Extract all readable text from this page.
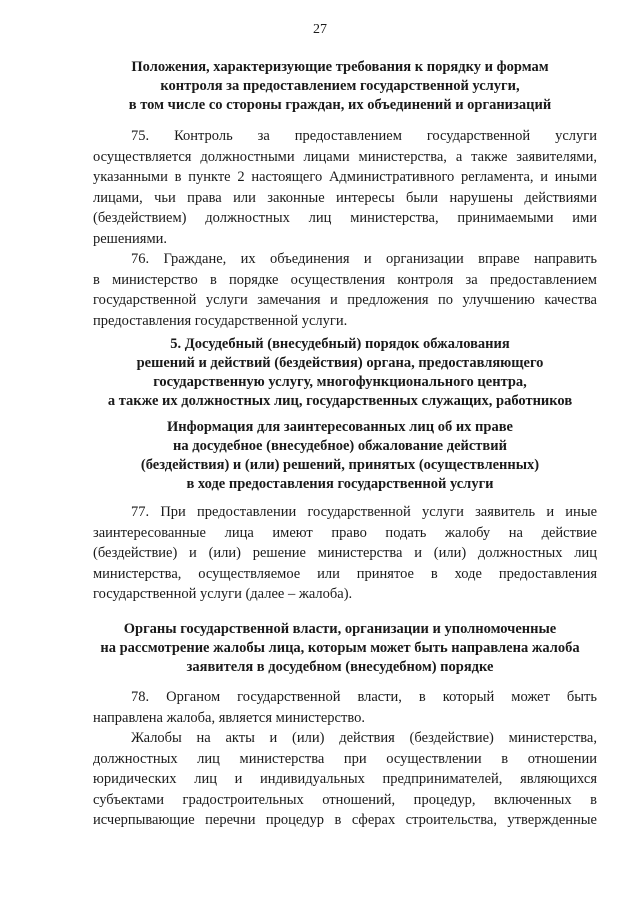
27
Положения, характеризующие требования к порядку и формам
контроля за предоставлением государственной услуги,
в том числе со стороны граждан, их объединений и организаций
75. Контроль за предоставлением государственной услуги
осуществляется должностными лицами министерства, а также заявителями,
указанными в пункте 2 настоящего Административного регламента, и иными
лицами, чьи права или законные интересы были нарушены действиями
(бездействием) должностных лиц министерства, принимаемыми ими
решениями.
76. Граждане, их объединения и организации вправе направить
в министерство в порядке осуществления контроля за предоставлением
государственной услуги замечания и предложения по улучшению качества
предоставления государственной услуги.
5. Досудебный (внесудебный) порядок обжалования
решений и действий (бездействия) органа, предоставляющего
государственную услугу, многофункционального центра,
а также их должностных лиц, государственных служащих, работников
Информация для заинтересованных лиц об их праве
на досудебное (внесудебное) обжалование действий
(бездействия) и (или) решений, принятых (осуществленных)
в ходе предоставления государственной услуги
77. При предоставлении государственной услуги заявитель и иные
заинтересованные лица имеют право подать жалобу на действие
(бездействие) и (или) решение министерства и (или) должностных лиц
министерства, осуществляемое или принятое в ходе предоставления
государственной услуги (далее – жалоба).
Органы государственной власти, организации и уполномоченные
на рассмотрение жалобы лица, которым может быть направлена жалоба
заявителя в досудебном (внесудебном) порядке
78. Органом государственной власти, в который может быть
направлена жалоба, является министерство.
Жалобы на акты и (или) действия (бездействие) министерства,
должностных лиц министерства при осуществлении в отношении
юридических лиц и индивидуальных предпринимателей, являющихся
субъектами градостроительных отношений, процедур, включенных в
исчерпывающие перечни процедур в сферах строительства, утвержденные
